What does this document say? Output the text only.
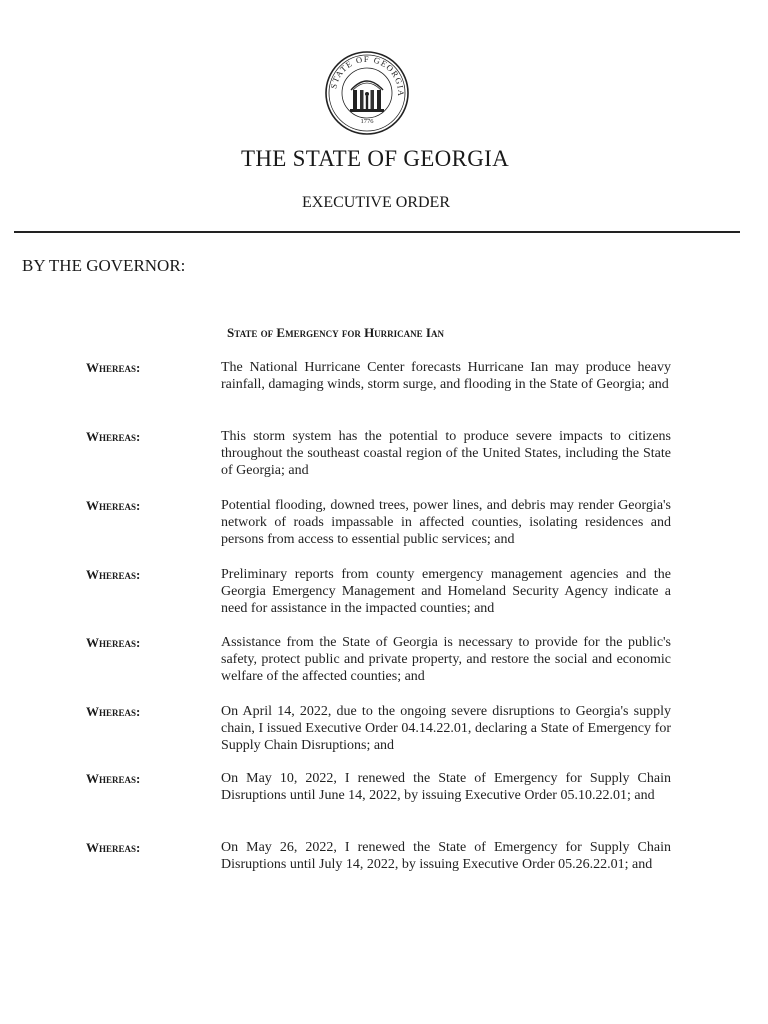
STATE OF GEORGIA
1776
THE STATE OF GEORGIA
EXECUTIVE ORDER
BY THE GOVERNOR:
State of Emergency for Hurricane Ian
Whereas:	The National Hurricane Center forecasts Hurricane Ian may produce heavy rainfall, damaging winds, storm surge, and flooding in the State of Georgia; and
Whereas:	This storm system has the potential to produce severe impacts to citizens throughout the southeast coastal region of the United States, including the State of Georgia; and
Whereas:	Potential flooding, downed trees, power lines, and debris may render Georgia's network of roads impassable in affected counties, isolating residences and persons from access to essential public services; and
Whereas:	Preliminary reports from county emergency management agencies and the Georgia Emergency Management and Homeland Security Agency indicate a need for assistance in the impacted counties; and
Whereas:	Assistance from the State of Georgia is necessary to provide for the public's safety, protect public and private property, and restore the social and economic welfare of the affected counties; and
Whereas:	On April 14, 2022, due to the ongoing severe disruptions to Georgia's supply chain, I issued Executive Order 04.14.22.01, declaring a State of Emergency for Supply Chain Disruptions; and
Whereas:	On May 10, 2022, I renewed the State of Emergency for Supply Chain Disruptions until June 14, 2022, by issuing Executive Order 05.10.22.01; and
Whereas:	On May 26, 2022, I renewed the State of Emergency for Supply Chain Disruptions until July 14, 2022, by issuing Executive Order 05.26.22.01; and
